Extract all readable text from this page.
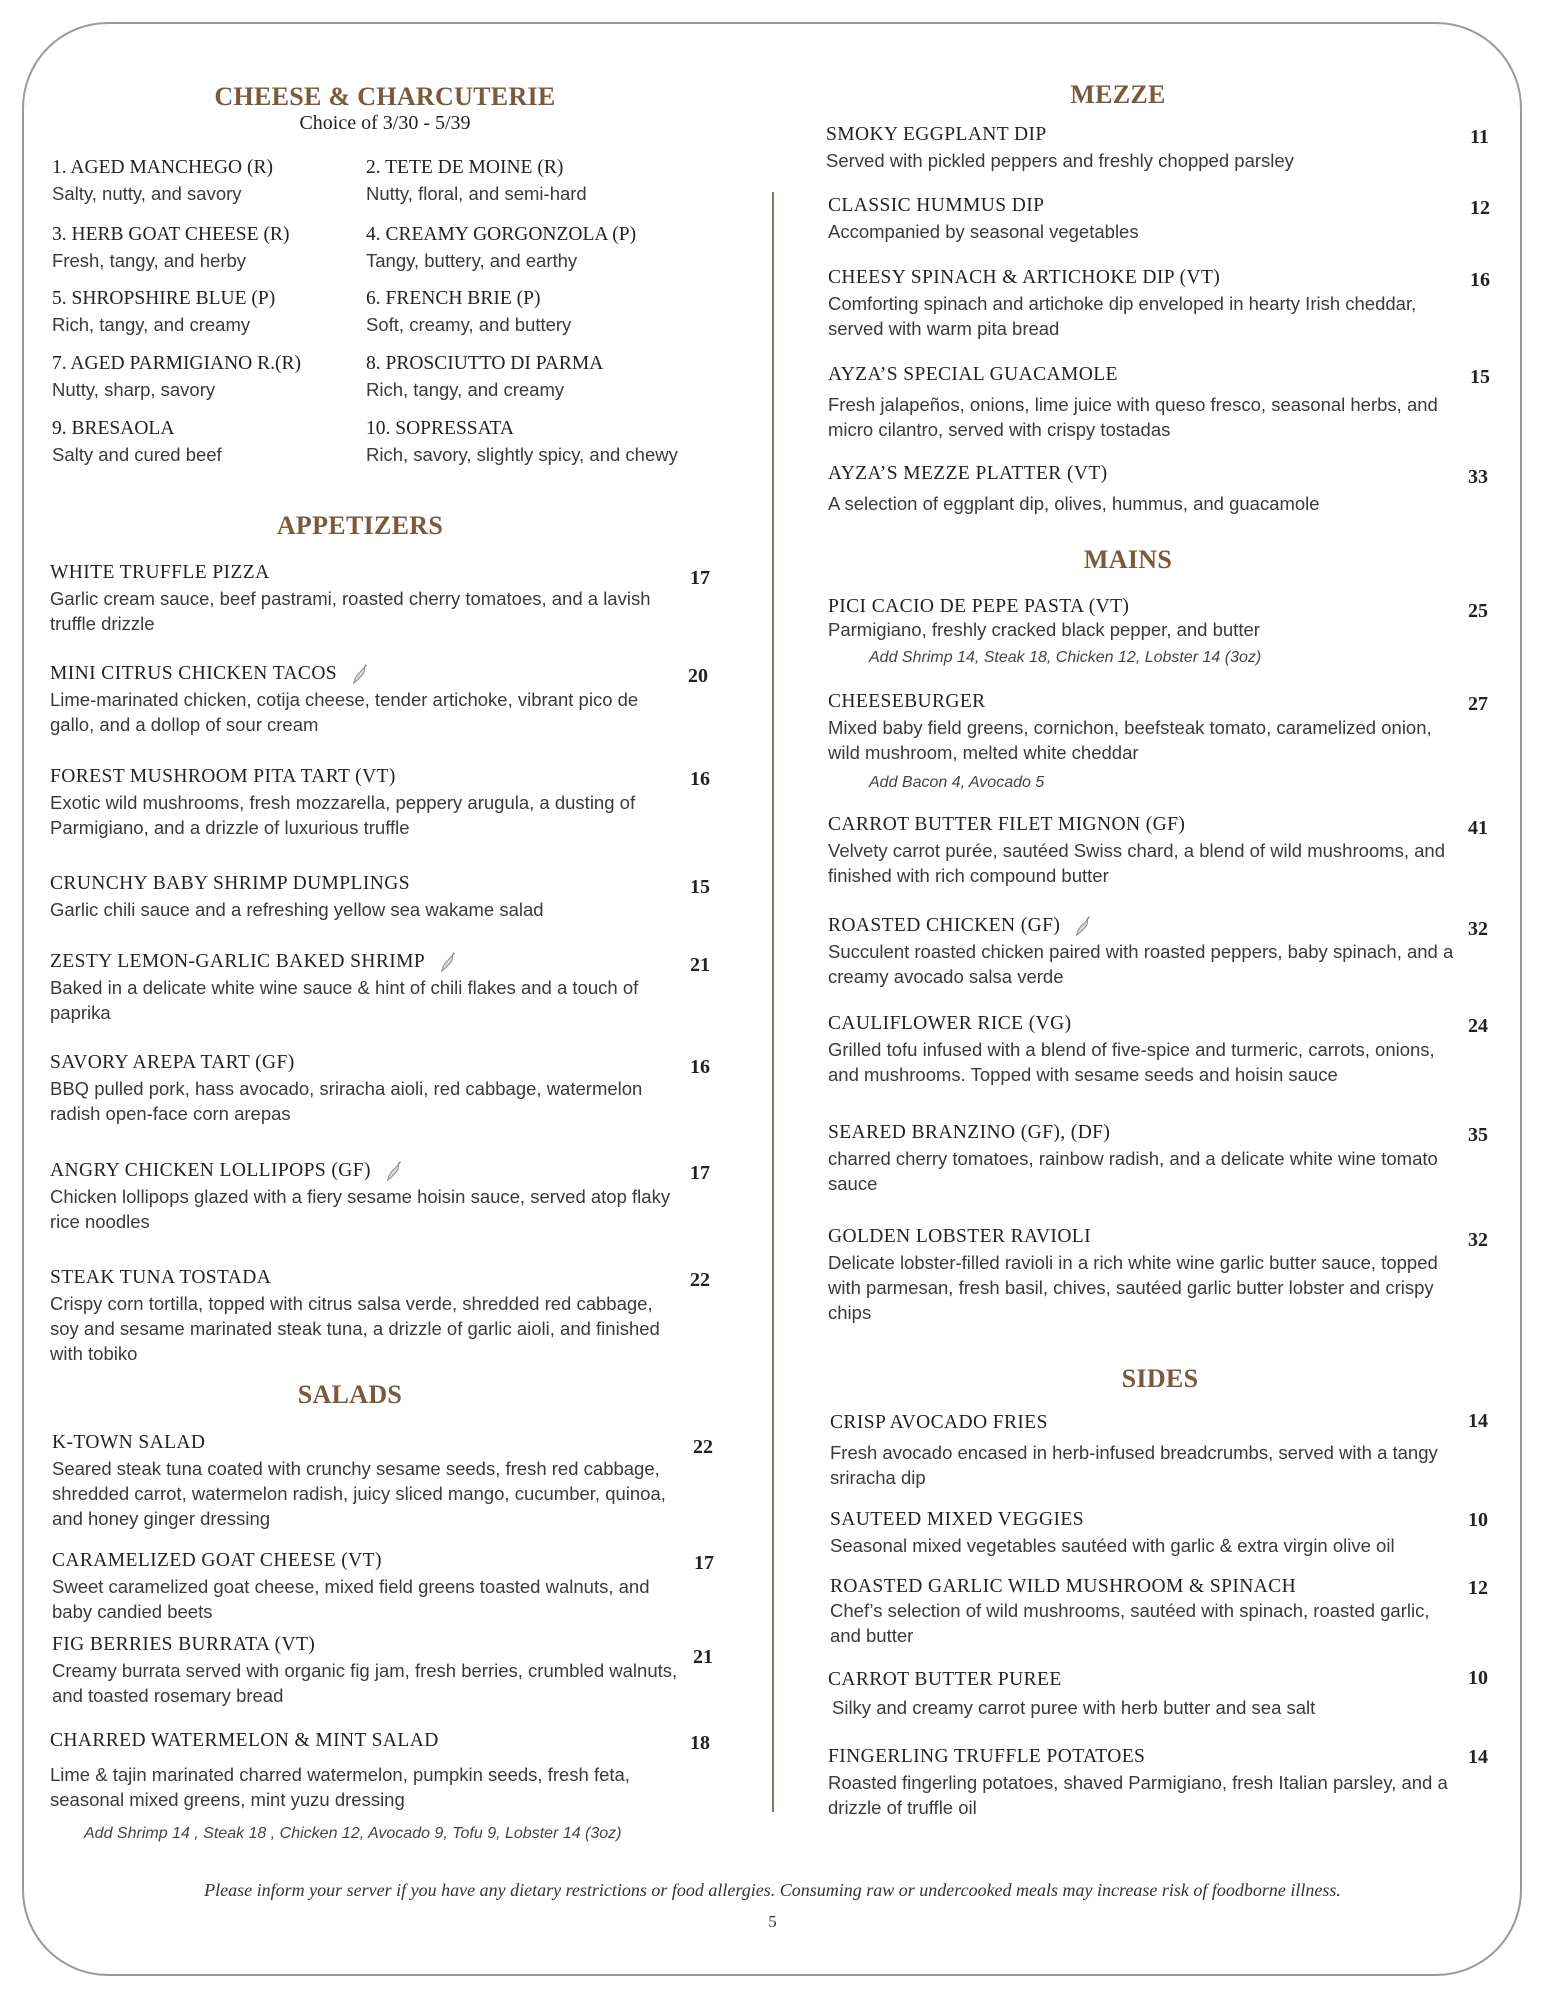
CHEESE & CHARCUTERIE
Choice of 3/30 - 5/39
1. AGED MANCHEGO (R)
Salty, nutty, and savory
2. TETE DE MOINE (R)
Nutty, floral, and semi-hard
3. HERB GOAT CHEESE (R)
Fresh, tangy, and herby
4. CREAMY GORGONZOLA (P)
Tangy, buttery, and earthy
5. SHROPSHIRE BLUE (P)
Rich, tangy, and creamy
6. FRENCH BRIE (P)
Soft, creamy, and buttery
7. AGED PARMIGIANO R.(R)
Nutty, sharp, savory
8. PROSCIUTTO DI PARMA
Rich, tangy, and creamy
9. BRESAOLA
Salty and cured beef
10. SOPRESSATA
Rich, savory, slightly spicy, and chewy
APPETIZERS
WHITE TRUFFLE PIZZA
Garlic cream sauce, beef pastrami, roasted cherry tomatoes, and a lavish truffle drizzle
17
MINI CITRUS CHICKEN TACOS
Lime-marinated chicken, cotija cheese, tender artichoke, vibrant pico de gallo, and a dollop of sour cream
20
FOREST MUSHROOM PITA TART (VT)
Exotic wild mushrooms, fresh mozzarella, peppery arugula, a dusting of Parmigiano, and a drizzle of luxurious truffle
16
CRUNCHY BABY SHRIMP DUMPLINGS
Garlic chili sauce and a refreshing yellow sea wakame salad
15
ZESTY LEMON-GARLIC BAKED SHRIMP
Baked in a delicate white wine sauce & hint of chili flakes and a touch of paprika
21
SAVORY AREPA TART (GF)
BBQ pulled pork, hass avocado, sriracha aioli, red cabbage, watermelon radish open-face corn arepas
16
ANGRY CHICKEN LOLLIPOPS (GF)
Chicken lollipops glazed with a fiery sesame hoisin sauce, served atop flaky rice noodles
17
STEAK TUNA TOSTADA
Crispy corn tortilla, topped with citrus salsa verde, shredded red cabbage, soy and sesame marinated steak tuna, a drizzle of garlic aioli, and finished with tobiko
22
SALADS
K-TOWN SALAD
Seared steak tuna coated with crunchy sesame seeds, fresh red cabbage, shredded carrot, watermelon radish, juicy sliced mango, cucumber, quinoa, and honey ginger dressing
22
CARAMELIZED GOAT CHEESE (VT)
Sweet caramelized goat cheese, mixed field greens toasted walnuts, and baby candied beets
17
FIG BERRIES BURRATA (VT)
Creamy burrata served with organic fig jam, fresh berries, crumbled walnuts, and toasted rosemary bread
21
CHARRED WATERMELON & MINT SALAD
Lime & tajin marinated charred watermelon, pumpkin seeds, fresh feta, seasonal mixed greens, mint yuzu dressing
18
Add Shrimp 14 , Steak 18 , Chicken 12, Avocado 9, Tofu 9, Lobster 14 (3oz)
MEZZE
SMOKY EGGPLANT DIP
Served with pickled peppers and freshly chopped parsley
11
CLASSIC HUMMUS DIP
Accompanied by seasonal vegetables
12
CHEESY SPINACH & ARTICHOKE DIP (VT)
Comforting spinach and artichoke dip enveloped in hearty Irish cheddar, served with warm pita bread
16
AYZA’S SPECIAL GUACAMOLE
Fresh jalapeños, onions, lime juice with queso fresco, seasonal herbs, and micro cilantro, served with crispy tostadas
15
AYZA’S MEZZE PLATTER (VT)
A selection of eggplant dip, olives, hummus, and guacamole
33
MAINS
PICI CACIO DE PEPE PASTA (VT)
Parmigiano, freshly cracked black pepper, and butter
25
Add Shrimp 14, Steak 18, Chicken 12, Lobster 14 (3oz)
CHEESEBURGER
Mixed baby field greens, cornichon, beefsteak tomato, caramelized onion, wild mushroom, melted white cheddar
27
Add Bacon 4, Avocado 5
CARROT BUTTER FILET MIGNON (GF)
Velvety carrot purée, sautéed Swiss chard, a blend of wild mushrooms, and finished with rich compound butter
41
ROASTED CHICKEN (GF)
Succulent roasted chicken paired with roasted peppers, baby spinach, and a creamy avocado salsa verde
32
CAULIFLOWER RICE (VG)
Grilled tofu infused with a blend of five-spice and turmeric, carrots, onions, and mushrooms. Topped with sesame seeds and hoisin sauce
24
SEARED BRANZINO (GF), (DF)
charred cherry tomatoes, rainbow radish, and a delicate white wine tomato sauce
35
GOLDEN LOBSTER RAVIOLI
Delicate lobster-filled ravioli in a rich white wine garlic butter sauce, topped with parmesan, fresh basil, chives, sautéed garlic butter lobster and crispy chips
32
SIDES
CRISP AVOCADO FRIES
Fresh avocado encased in herb-infused breadcrumbs, served with a tangy sriracha dip
14
SAUTEED MIXED VEGGIES
Seasonal mixed vegetables sautéed with garlic & extra virgin olive oil
10
ROASTED GARLIC WILD MUSHROOM & SPINACH
Chef’s selection of wild mushrooms, sautéed with spinach, roasted garlic, and butter
12
CARROT BUTTER PUREE
Silky and creamy carrot puree with herb butter and sea salt
10
FINGERLING TRUFFLE POTATOES
Roasted fingerling potatoes, shaved Parmigiano, fresh Italian parsley, and a drizzle of truffle oil
14
Please inform your server if you have any dietary restrictions or food allergies. Consuming raw or undercooked meals may increase risk of foodborne illness.
5
